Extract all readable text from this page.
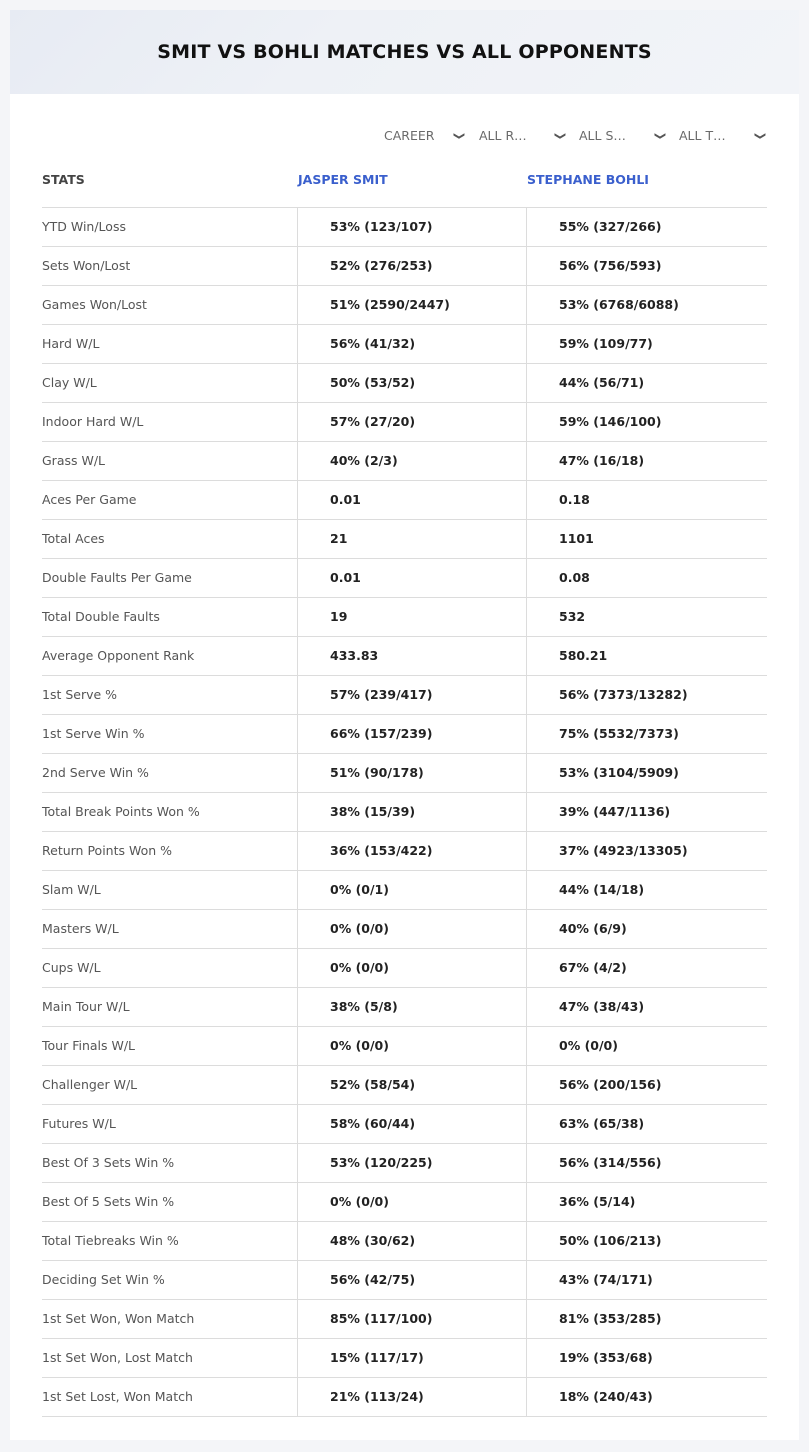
SMIT VS BOHLI MATCHES VS ALL OPPONENTS
CAREER	❯ ALL R…	❯ ALL S…	❯ ALL T…	❯
STATS	JASPER SMIT	STEPHANE BOHLI
YTD Win/Loss	53% (123/107)	55% (327/266)
Sets Won/Lost	52% (276/253)	56% (756/593)
Games Won/Lost	51% (2590/2447)	53% (6768/6088)
Hard W/L	56% (41/32)	59% (109/77)
Clay W/L	50% (53/52)	44% (56/71)
Indoor Hard W/L	57% (27/20)	59% (146/100)
Grass W/L	40% (2/3)	47% (16/18)
Aces Per Game	0.01	0.18
Total Aces	21	1101
Double Faults Per Game	0.01	0.08
Total Double Faults	19	532
Average Opponent Rank	433.83	580.21
1st Serve %	57% (239/417)	56% (7373/13282)
1st Serve Win %	66% (157/239)	75% (5532/7373)
2nd Serve Win %	51% (90/178)	53% (3104/5909)
Total Break Points Won %	38% (15/39)	39% (447/1136)
Return Points Won %	36% (153/422)	37% (4923/13305)
Slam W/L	0% (0/1)	44% (14/18)
Masters W/L	0% (0/0)	40% (6/9)
Cups W/L	0% (0/0)	67% (4/2)
Main Tour W/L	38% (5/8)	47% (38/43)
Tour Finals W/L	0% (0/0)	0% (0/0)
Challenger W/L	52% (58/54)	56% (200/156)
Futures W/L	58% (60/44)	63% (65/38)
Best Of 3 Sets Win %	53% (120/225)	56% (314/556)
Best Of 5 Sets Win %	0% (0/0)	36% (5/14)
Total Tiebreaks Win %	48% (30/62)	50% (106/213)
Deciding Set Win %	56% (42/75)	43% (74/171)
1st Set Won, Won Match	85% (117/100)	81% (353/285)
1st Set Won, Lost Match	15% (117/17)	19% (353/68)
1st Set Lost, Won Match	21% (113/24)	18% (240/43)
